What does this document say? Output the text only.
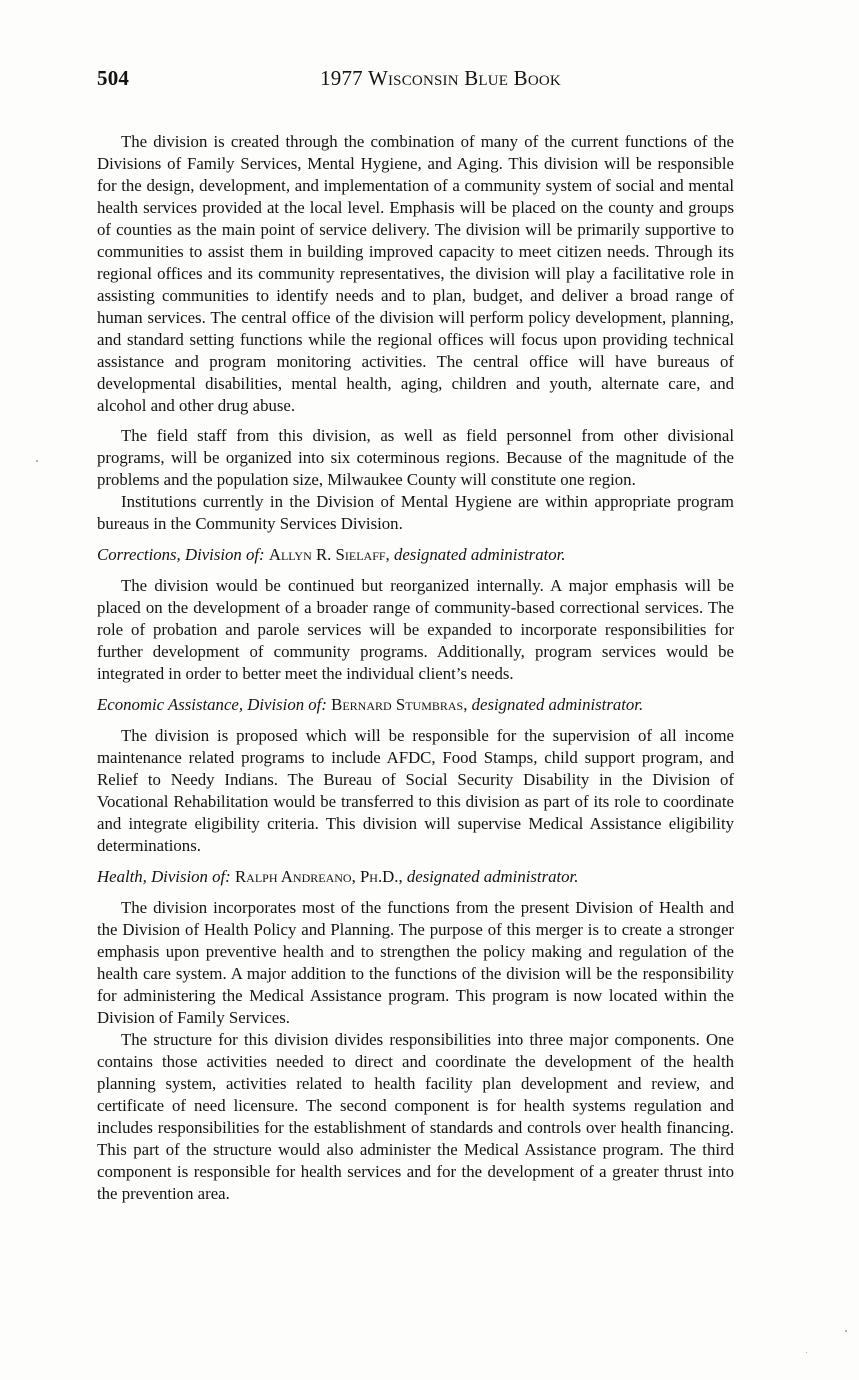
504	1977 Wisconsin Blue Book

The division is created through the combination of many of the current functions of the Divisions of Family Services, Mental Hygiene, and Aging. This division will be responsible for the design, development, and implementation of a community system of social and mental health services provided at the local level. Emphasis will be placed on the county and groups of counties as the main point of service delivery. The division will be primarily supportive to communities to assist them in building improved capacity to meet citizen needs. Through its regional offices and its community representatives, the division will play a facilitative role in assisting communities to identify needs and to plan, budget, and deliver a broad range of human services. The central office of the division will perform policy development, planning, and standard setting functions while the regional offices will focus upon providing technical assistance and program monitoring activities. The central office will have bureaus of developmental disabilities, mental health, aging, children and youth, alternate care, and alcohol and other drug abuse.

The field staff from this division, as well as field personnel from other divisional programs, will be organized into six coterminous regions. Because of the magnitude of the problems and the population size, Milwaukee County will constitute one region.

Institutions currently in the Division of Mental Hygiene are within appropriate program bureaus in the Community Services Division.

Corrections, Division of: Allyn R. Sielaff, designated administrator.

The division would be continued but reorganized internally. A major emphasis will be placed on the development of a broader range of community-based correctional services. The role of probation and parole services will be expanded to incorporate responsibilities for further development of community programs. Additionally, program services would be integrated in order to better meet the individual client’s needs.

Economic Assistance, Division of: Bernard Stumbras, designated administrator.

The division is proposed which will be responsible for the supervision of all income maintenance related programs to include AFDC, Food Stamps, child support program, and Relief to Needy Indians. The Bureau of Social Security Disability in the Division of Vocational Rehabilitation would be transferred to this division as part of its role to coordinate and integrate eligibility criteria. This division will supervise Medical Assistance eligibility determinations.

Health, Division of: Ralph Andreano, Ph.D., designated administrator.

The division incorporates most of the functions from the present Division of Health and the Division of Health Policy and Planning. The purpose of this merger is to create a stronger emphasis upon preventive health and to strengthen the policy making and regulation of the health care system. A major addition to the functions of the division will be the responsibility for administering the Medical Assistance program. This program is now located within the Division of Family Services.

The structure for this division divides responsibilities into three major components. One contains those activities needed to direct and coordinate the development of the health planning system, activities related to health facility plan development and review, and certificate of need licensure. The second component is for health systems regulation and includes responsibilities for the establishment of standards and controls over health financing. This part of the structure would also administer the Medical Assistance program. The third component is responsible for health services and for the development of a greater thrust into the prevention area.
